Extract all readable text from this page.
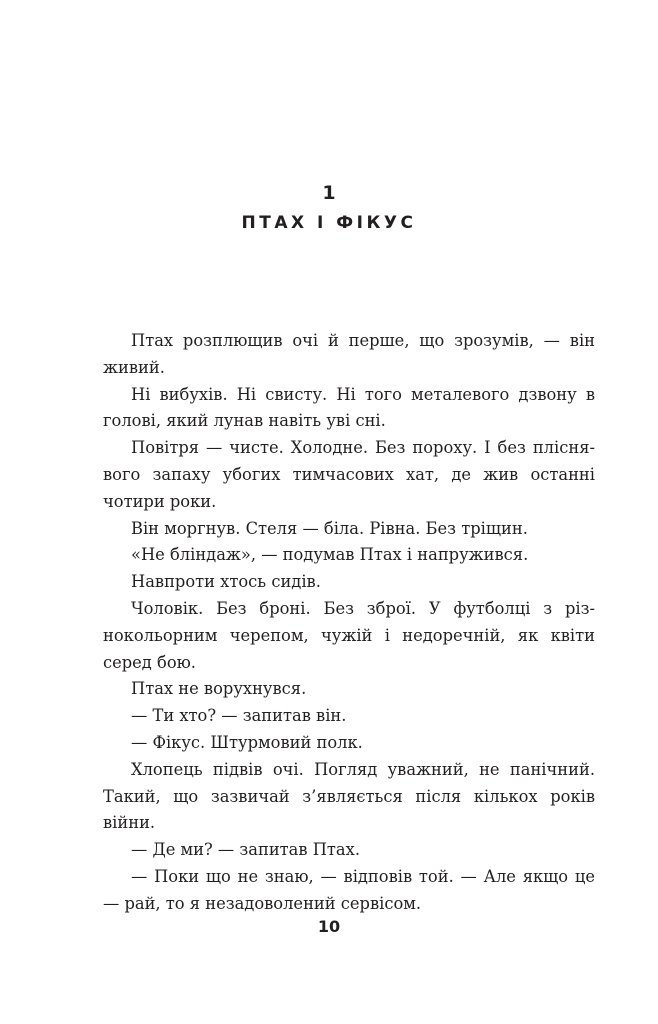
1
ПТАХ І ФІКУС

Птах розплющив очі й перше, що зрозумів, — він живий.

Ні вибухів. Ні свисту. Ні того металевого дзвону в голові, який лунав навіть уві сні.

Повітря — чисте. Холодне. Без пороху. І без пліснявого запаху убогих тимчасових хат, де жив останні чотири роки.

Він моргнув. Стеля — біла. Рівна. Без тріщин.

«Не бліндаж», — подумав Птах і напружився.

Навпроти хтось сидів.

Чоловік. Без броні. Без зброї. У футболці з різнокольорним черепом, чужій і недоречній, як квіти серед бою.

Птах не ворухнувся.

— Ти хто? — запитав він.

— Фікус. Штурмовий полк.

Хлопець підвів очі. Погляд уважний, не панічний. Такий, що зазвичай з’являється після кількох років війни.

— Де ми? — запитав Птах.

— Поки що не знаю, — відповів той. — Але якщо це — рай, то я незадоволений сервісом.

10
